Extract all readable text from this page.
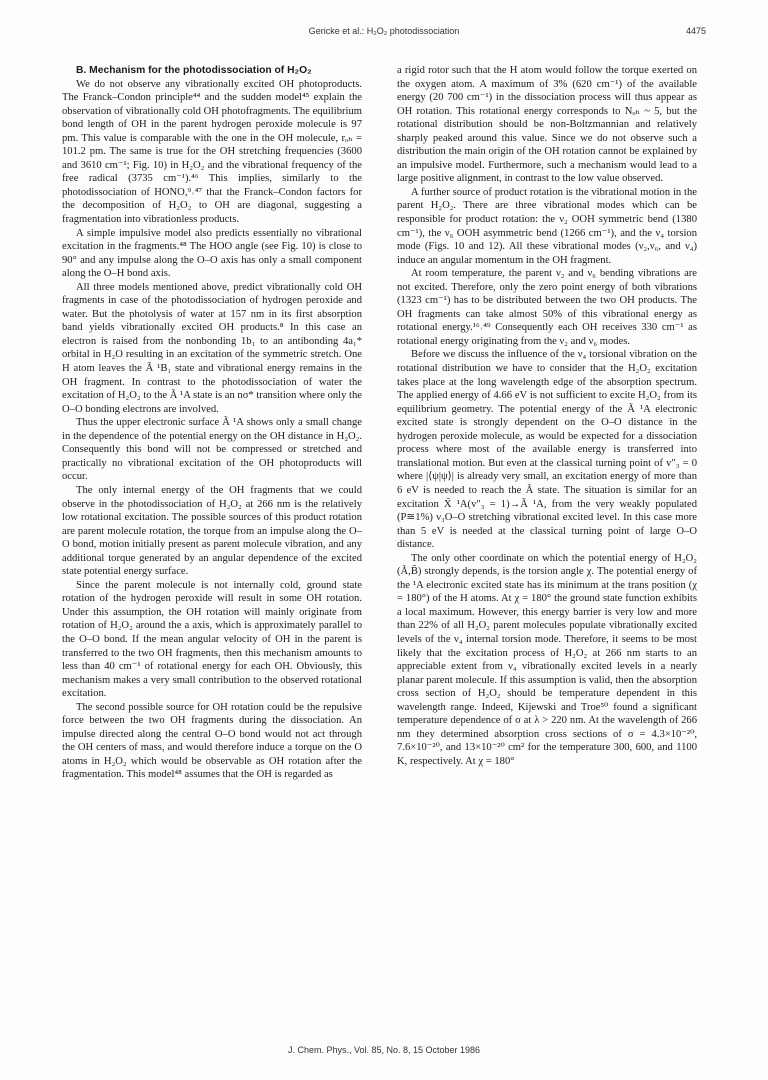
Gericke et al.: H₂O₂ photodissociation	4475

B. Mechanism for the photodissociation of H₂O₂

We do not observe any vibrationally excited OH photoproducts. The Franck–Condon principle⁴⁴ and the sudden model⁴⁵ explain the observation of vibrationally cold OH photofragments. The equilibrium bond length of OH in the parent hydrogen peroxide molecule is 97 pm. This value is comparable with the one in the OH molecule, rₒₕ = 101.2 pm. The same is true for the OH stretching frequencies (3600 and 3610 cm⁻¹; Fig. 10) in H₂O₂ and the vibrational frequency of the free radical (3735 cm⁻¹).⁴⁶ This implies, similarly to the photodissociation of HONO,⁹˒⁴⁷ that the Franck–Condon factors for the decomposition of H₂O₂ to OH are diagonal, suggesting a fragmentation into vibrationless products.

A simple impulsive model also predicts essentially no vibrational excitation in the fragments.⁴⁸ The HOO angle (see Fig. 10) is close to 90° and any impulse along the O–O axis has only a small component along the O–H bond axis.

All three models mentioned above, predict vibrationally cold OH fragments in case of the photodissociation of hydrogen peroxide and water. But the photolysis of water at 157 nm in its first absorption band yields vibrationally excited OH products.⁸ In this case an electron is raised from the nonbonding 1b₁ to an antibonding 4a₁* orbital in H₂O resulting in an excitation of the symmetric stretch. One H atom leaves the Ã ¹B₁ state and vibrational energy remains in the OH fragment. In contrast to the photodissociation of water the excitation of H₂O₂ to the Ã ¹A state is an nσ* transition where only the O–O bonding electrons are involved.

Thus the upper electronic surface Ã ¹A shows only a small change in the dependence of the potential energy on the OH distance in H₂O₂. Consequently this bond will not be compressed or stretched and practically no vibrational excitation of the OH photoproducts will occur.

The only internal energy of the OH fragments that we could observe in the photodissociation of H₂O₂ at 266 nm is the relatively low rotational excitation. The possible sources of this product rotation are parent molecule rotation, the torque from an impulse along the O–O bond, motion initially present as parent molecule vibration, and any additional torque generated by an angular dependence of the excited state potential energy surface.

Since the parent molecule is not internally cold, ground state rotation of the hydrogen peroxide will result in some OH rotation. Under this assumption, the OH rotation will mainly originate from rotation of H₂O₂ around the a axis, which is approximately parallel to the O–O bond. If the mean angular velocity of OH in the parent is transferred to the two OH fragments, then this mechanism amounts to less than 40 cm⁻¹ of rotational energy for each OH. Obviously, this mechanism makes a very small contribution to the observed rotational excitation.

The second possible source for OH rotation could be the repulsive force between the two OH fragments during the dissociation. An impulse directed along the central O–O bond would not act through the OH centers of mass, and would therefore induce a torque on the O atoms in H₂O₂ which would be observable as OH rotation after the fragmentation. This model⁴⁸ assumes that the OH is regarded as

a rigid rotor such that the H atom would follow the torque exerted on the oxygen atom. A maximum of 3% (620 cm⁻¹) of the available energy (20 700 cm⁻¹) in the dissociation process will thus appear as OH rotation. This rotational energy corresponds to Nₒₕ ~ 5, but the rotational distribution should be non-Boltzmannian and relatively sharply peaked around this value. Since we do not observe such a distribution the main origin of the OH rotation cannot be explained by an impulsive model. Furthermore, such a mechanism would lead to a large positive alignment, in contrast to the low value observed.

A further source of product rotation is the vibrational motion in the parent H₂O₂. There are three vibrational modes which can be responsible for product rotation: the ν₂ OOH symmetric bend (1380 cm⁻¹), the ν₆ OOH asymmetric bend (1266 cm⁻¹), and the ν₄ torsion mode (Figs. 10 and 12). All these vibrational modes (ν₂,ν₆, and ν₄) induce an angular momentum in the OH fragment.

At room temperature, the parent ν₂ and ν₆ bending vibrations are not excited. Therefore, only the zero point energy of both vibrations (1323 cm⁻¹) has to be distributed between the two OH products. The OH fragments can take almost 50% of this vibrational energy as rotational energy.¹⁶˒⁴⁹ Consequently each OH receives 330 cm⁻¹ as rotational energy originating from the ν₂ and ν₆ modes.

Before we discuss the influence of the ν₄ torsional vibration on the rotational distribution we have to consider that the H₂O₂ excitation takes place at the long wavelength edge of the absorption spectrum. The applied energy of 4.66 eV is not sufficient to excite H₂O₂ from its equilibrium geometry. The potential energy of the Ã ¹A electronic excited state is strongly dependent on the O–O distance in the hydrogen peroxide molecule, as would be expected for a dissociation process where most of the available energy is transferred into translational motion. But even at the classical turning point of v″₃ = 0 where |⟨ψ|ψ⟩| is already very small, an excitation energy of more than 6 eV is needed to reach the Ã state. The situation is similar for an excitation X̃ ¹A(v″₃ = 1)→Ã ¹A, from the very weakly populated (P≅1%) ν₃O–O stretching vibrational excited level. In this case more than 5 eV is needed at the classical turning point of large O–O distance.

The only other coordinate on which the potential energy of H₂O₂ (Ã,B̃) strongly depends, is the torsion angle χ. The potential energy of the ¹A electronic excited state has its minimum at the trans position (χ = 180°) of the H atoms. At χ = 180° the ground state function exhibits a local maximum. However, this energy barrier is very low and more than 22% of all H₂O₂ parent molecules populate vibrationally excited levels of the ν₄ internal torsion mode. Therefore, it seems to be most likely that the excitation process of H₂O₂ at 266 nm starts to an appreciable extent from ν₄ vibrationally excited levels in a nearly planar parent molecule. If this assumption is valid, then the absorption cross section of H₂O₂ should be temperature dependent in this wavelength range. Indeed, Kijewski and Troe⁵⁰ found a significant temperature dependence of σ at λ > 220 nm. At the wavelength of 266 nm they determined absorption cross sections of σ = 4.3×10⁻²⁰, 7.6×10⁻²⁰, and 13×10⁻²⁰ cm² for the temperature 300, 600, and 1100 K, respectively. At χ = 180°

J. Chem. Phys., Vol. 85, No. 8, 15 October 1986
